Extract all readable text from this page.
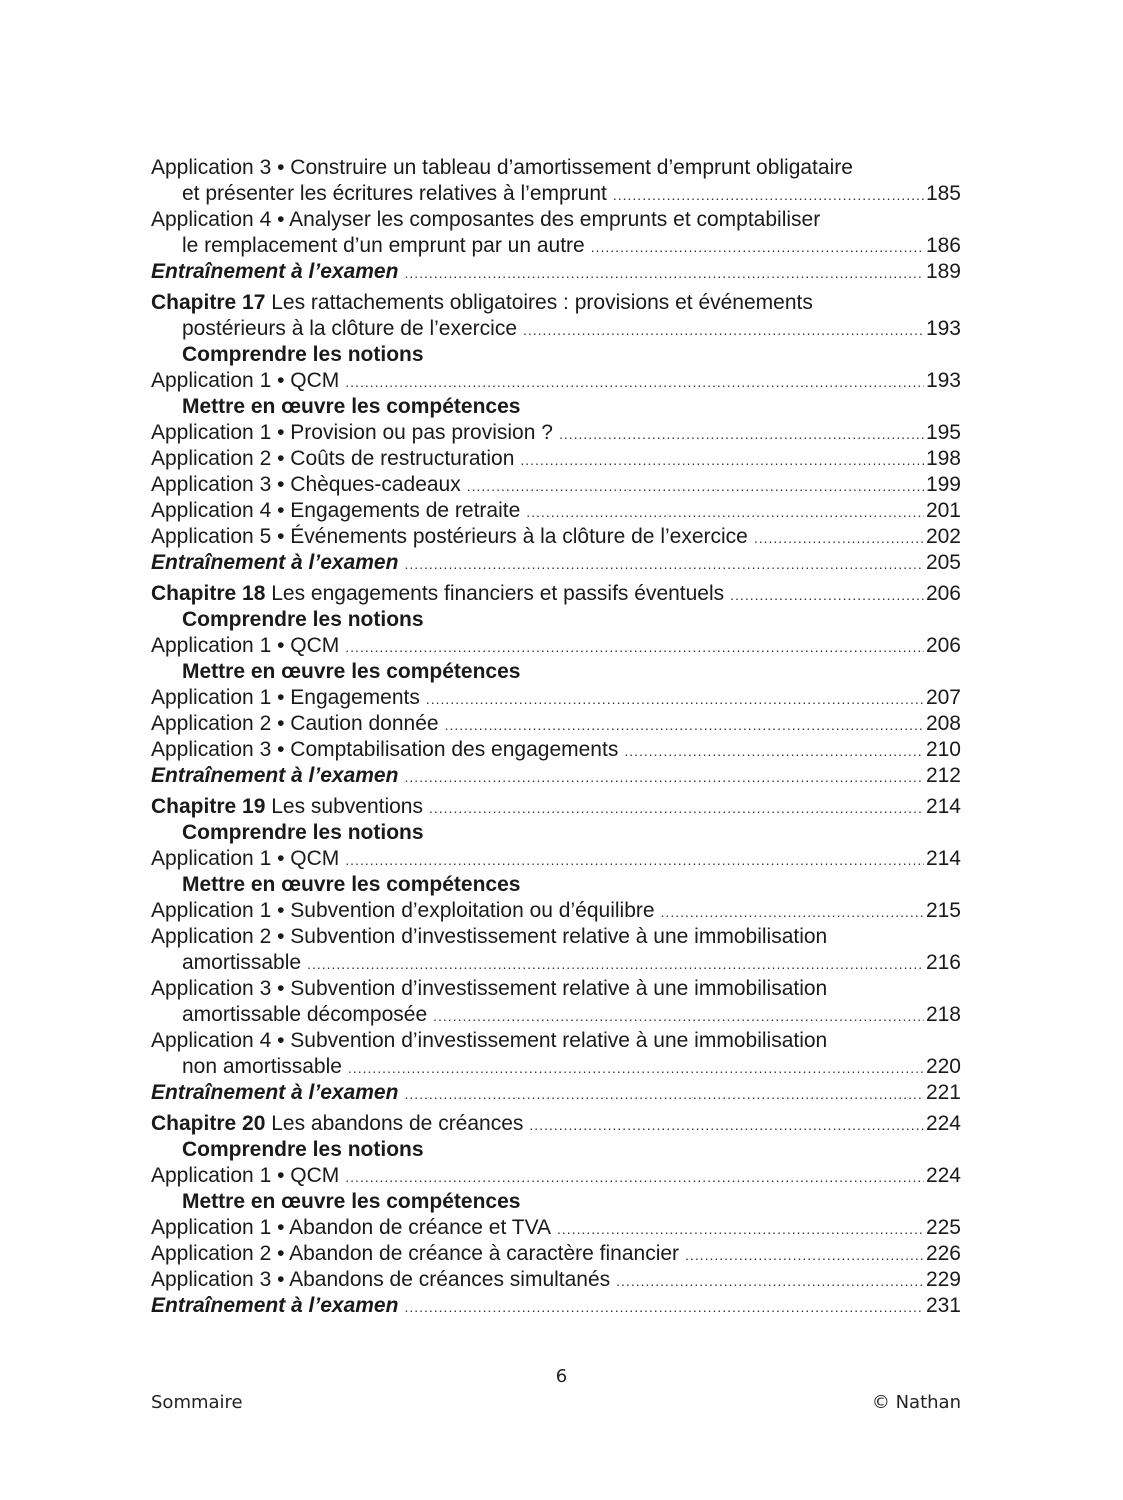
Application 3 • Construire un tableau d’amortissement d’emprunt obligataire
et présenter les écritures relatives à l’emprunt .....	185
Application 4 • Analyser les composantes des emprunts et comptabiliser
le remplacement d’un emprunt par un autre .....	186
Entraînement à l’examen .....	189
Chapitre 17 Les rattachements obligatoires : provisions et événements
postérieurs à la clôture de l’exercice .....	193
Comprendre les notions
Application 1 • QCM .....	193
Mettre en œuvre les compétences
Application 1 • Provision ou pas provision ? .....	195
Application 2 • Coûts de restructuration .....	198
Application 3 • Chèques-cadeaux .....	199
Application 4 • Engagements de retraite .....	201
Application 5 • Événements postérieurs à la clôture de l’exercice .....	202
Entraînement à l’examen .....	205
Chapitre 18 Les engagements financiers et passifs éventuels .....	206
Comprendre les notions
Application 1 • QCM .....	206
Mettre en œuvre les compétences
Application 1 • Engagements .....	207
Application 2 • Caution donnée .....	208
Application 3 • Comptabilisation des engagements .....	210
Entraînement à l’examen .....	212
Chapitre 19 Les subventions .....	214
Comprendre les notions
Application 1 • QCM .....	214
Mettre en œuvre les compétences
Application 1 • Subvention d’exploitation ou d’équilibre .....	215
Application 2 • Subvention d’investissement relative à une immobilisation
amortissable .....	216
Application 3 • Subvention d’investissement relative à une immobilisation
amortissable décomposée .....	218
Application 4 • Subvention d’investissement relative à une immobilisation
non amortissable .....	220
Entraînement à l’examen .....	221
Chapitre 20 Les abandons de créances .....	224
Comprendre les notions
Application 1 • QCM .....	224
Mettre en œuvre les compétences
Application 1 • Abandon de créance et TVA .....	225
Application 2 • Abandon de créance à caractère financier .....	226
Application 3 • Abandons de créances simultanés .....	229
Entraînement à l’examen .....	231
6
Sommaire	© Nathan
